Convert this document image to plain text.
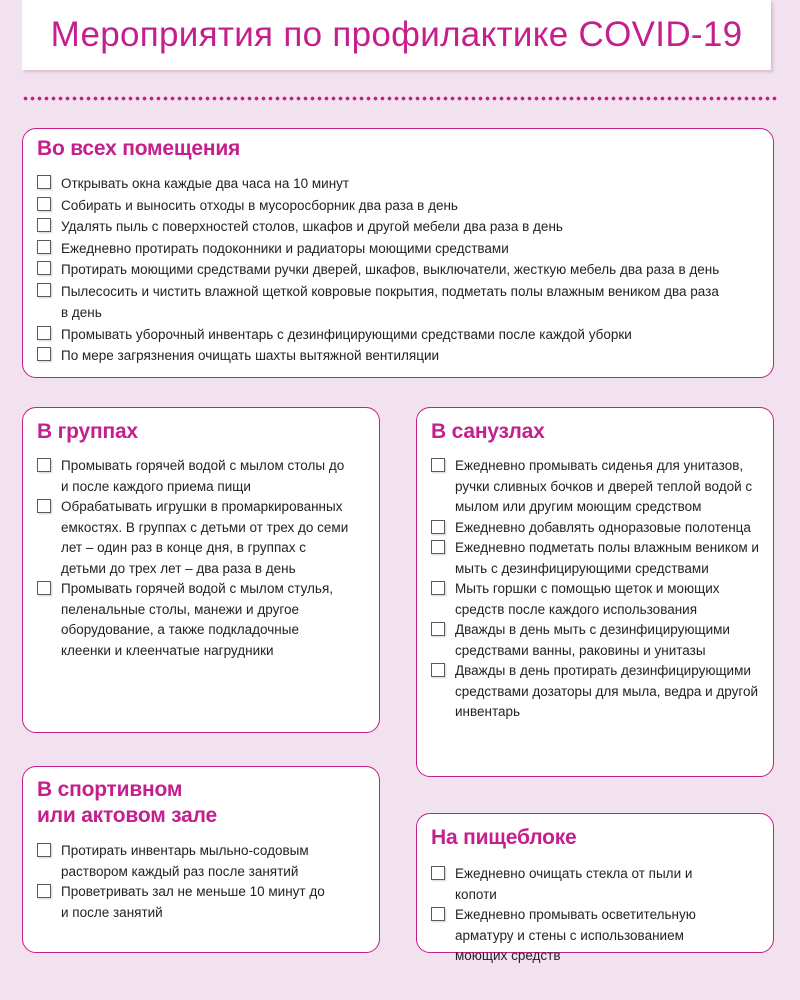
Мероприятия по профилактике COVID-19
Во всех помещения
Открывать окна каждые два часа на 10 минут
Собирать и выносить отходы в мусоросборник два раза в день
Удалять пыль с поверхностей столов, шкафов и другой мебели два раза в день
Ежедневно протирать подоконники и радиаторы моющими средствами
Протирать моющими средствами ручки дверей, шкафов, выключатели, жесткую мебель два раза в день
Пылесосить и чистить влажной щеткой ковровые покрытия, подметать полы влажным веником два раза в день
Промывать уборочный инвентарь с дезинфицирующими средствами после каждой уборки
По мере загрязнения очищать шахты вытяжной вентиляции
В группах
Промывать горячей водой с мылом столы до и после каждого приема пищи
Обрабатывать игрушки в промаркированных емкостях. В группах с детьми от трех до семи лет – один раз в конце дня, в группах с детьми до трех лет – два раза в день
Промывать горячей водой с мылом стулья, пеленальные столы, манежи и другое оборудование, а также подкладочные клеенки и клеенчатые нагрудники
В санузлах
Ежедневно промывать сиденья для унитазов, ручки сливных бочков и дверей теплой водой с мылом или другим моющим средством
Ежедневно добавлять одноразовые полотенца
Ежедневно подметать полы влажным веником и мыть с дезинфицирующими средствами
Мыть горшки с помощью щеток и моющих средств после каждого использования
Дважды в день мыть с дезинфицирующими средствами ванны, раковины и унитазы
Дважды в день протирать дезинфицирующими средствами дозаторы для мыла, ведра и другой инвентарь
В спортивном
или актовом зале
Протирать инвентарь мыльно-содовым раствором каждый раз после занятий
Проветривать зал не меньше 10 минут до и после занятий
На пищеблоке
Ежедневно очищать стекла от пыли и копоти
Ежедневно промывать осветительную арматуру и стены с использованием моющих средств
